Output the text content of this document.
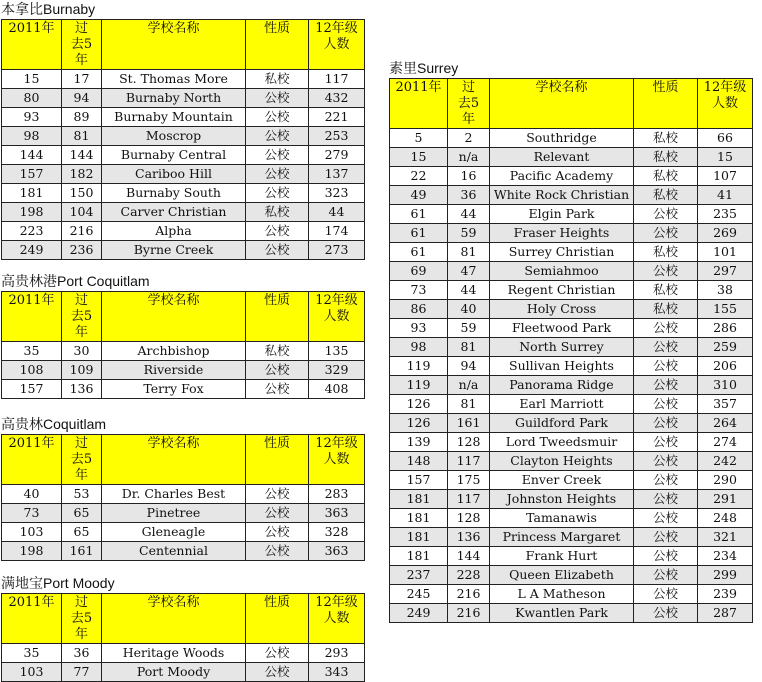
本拿比Burnaby
2011年	过去5年	学校名称	性质	12年级人数
15	17	St. Thomas More	私校	117
80	94	Burnaby North	公校	432
93	89	Burnaby Mountain	公校	221
98	81	Moscrop	公校	253
144	144	Burnaby Central	公校	279
157	182	Cariboo Hill	公校	137
181	150	Burnaby South	公校	323
198	104	Carver Christian	私校	44
223	216	Alpha	公校	174
249	236	Byrne Creek	公校	273
高贵林港Port Coquitlam
2011年	过去5年	学校名称	性质	12年级人数
35	30	Archbishop	私校	135
108	109	Riverside	公校	329
157	136	Terry Fox	公校	408
高贵林Coquitlam
2011年	过去5年	学校名称	性质	12年级人数
40	53	Dr. Charles Best	公校	283
73	65	Pinetree	公校	363
103	65	Gleneagle	公校	328
198	161	Centennial	公校	363
满地宝Port Moody
2011年	过去5年	学校名称	性质	12年级人数
35	36	Heritage Woods	公校	293
103	77	Port Moody	公校	343
素里Surrey
2011年	过去5年	学校名称	性质	12年级人数
5	2	Southridge	私校	66
15	n/a	Relevant	私校	15
22	16	Pacific Academy	私校	107
49	36	White Rock Christian	私校	41
61	44	Elgin Park	公校	235
61	59	Fraser Heights	公校	269
61	81	Surrey Christian	私校	101
69	47	Semiahmoo	公校	297
73	44	Regent Christian	私校	38
86	40	Holy Cross	私校	155
93	59	Fleetwood Park	公校	286
98	81	North Surrey	公校	259
119	94	Sullivan Heights	公校	206
119	n/a	Panorama Ridge	公校	310
126	81	Earl Marriott	公校	357
126	161	Guildford Park	公校	264
139	128	Lord Tweedsmuir	公校	274
148	117	Clayton Heights	公校	242
157	175	Enver Creek	公校	290
181	117	Johnston Heights	公校	291
181	128	Tamanawis	公校	248
181	136	Princess Margaret	公校	321
181	144	Frank Hurt	公校	234
237	228	Queen Elizabeth	公校	299
245	216	L A Matheson	公校	239
249	216	Kwantlen Park	公校	287
